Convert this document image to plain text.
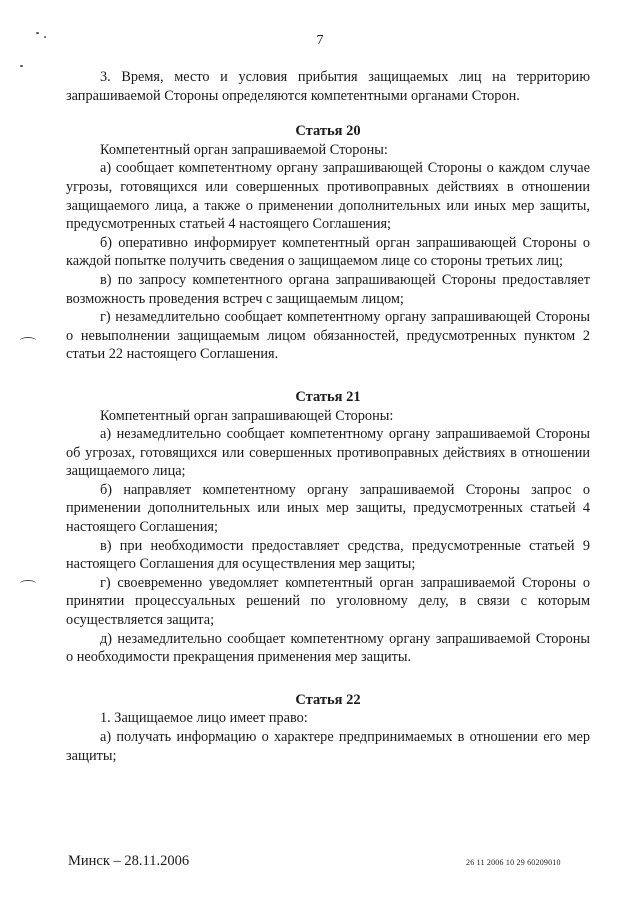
7

3. Время, место и условия прибытия защищаемых лиц на территорию запрашиваемой Стороны определяются компетентными органами Сторон.

Статья 20

Компетентный орган запрашиваемой Стороны:

а) сообщает компетентному органу запрашивающей Стороны о каждом случае угрозы, готовящихся или совершенных противоправных действиях в отношении защищаемого лица, а также о применении дополнительных или иных мер защиты, предусмотренных статьей 4 настоящего Соглашения;

б) оперативно информирует компетентный орган запрашивающей Стороны о каждой попытке получить сведения о защищаемом лице со стороны третьих лиц;

в) по запросу компетентного органа запрашивающей Стороны предоставляет возможность проведения встреч с защищаемым лицом;

г) незамедлительно сообщает компетентному органу запрашивающей Стороны о невыполнении защищаемым лицом обязанностей, предусмотренных пунктом 2 статьи 22 настоящего Соглашения.

Статья 21

Компетентный орган запрашивающей Стороны:

а) незамедлительно сообщает компетентному органу запрашиваемой Стороны об угрозах, готовящихся или совершенных противоправных действиях в отношении защищаемого лица;

б) направляет компетентному органу запрашиваемой Стороны запрос о применении дополнительных или иных мер защиты, предусмотренных статьей 4 настоящего Соглашения;

в) при необходимости предоставляет средства, предусмотренные статьей 9 настоящего Соглашения для осуществления мер защиты;

г) своевременно уведомляет компетентный орган запрашиваемой Стороны о принятии процессуальных решений по уголовному делу, в связи с которым осуществляется защита;

д) незамедлительно сообщает компетентному органу запрашиваемой Стороны о необходимости прекращения применения мер защиты.

Статья 22

1. Защищаемое лицо имеет право:

а) получать информацию о характере предпринимаемых в отношении его мер защиты;

Минск – 28.11.2006	26 11 2006 10 29 60209010
